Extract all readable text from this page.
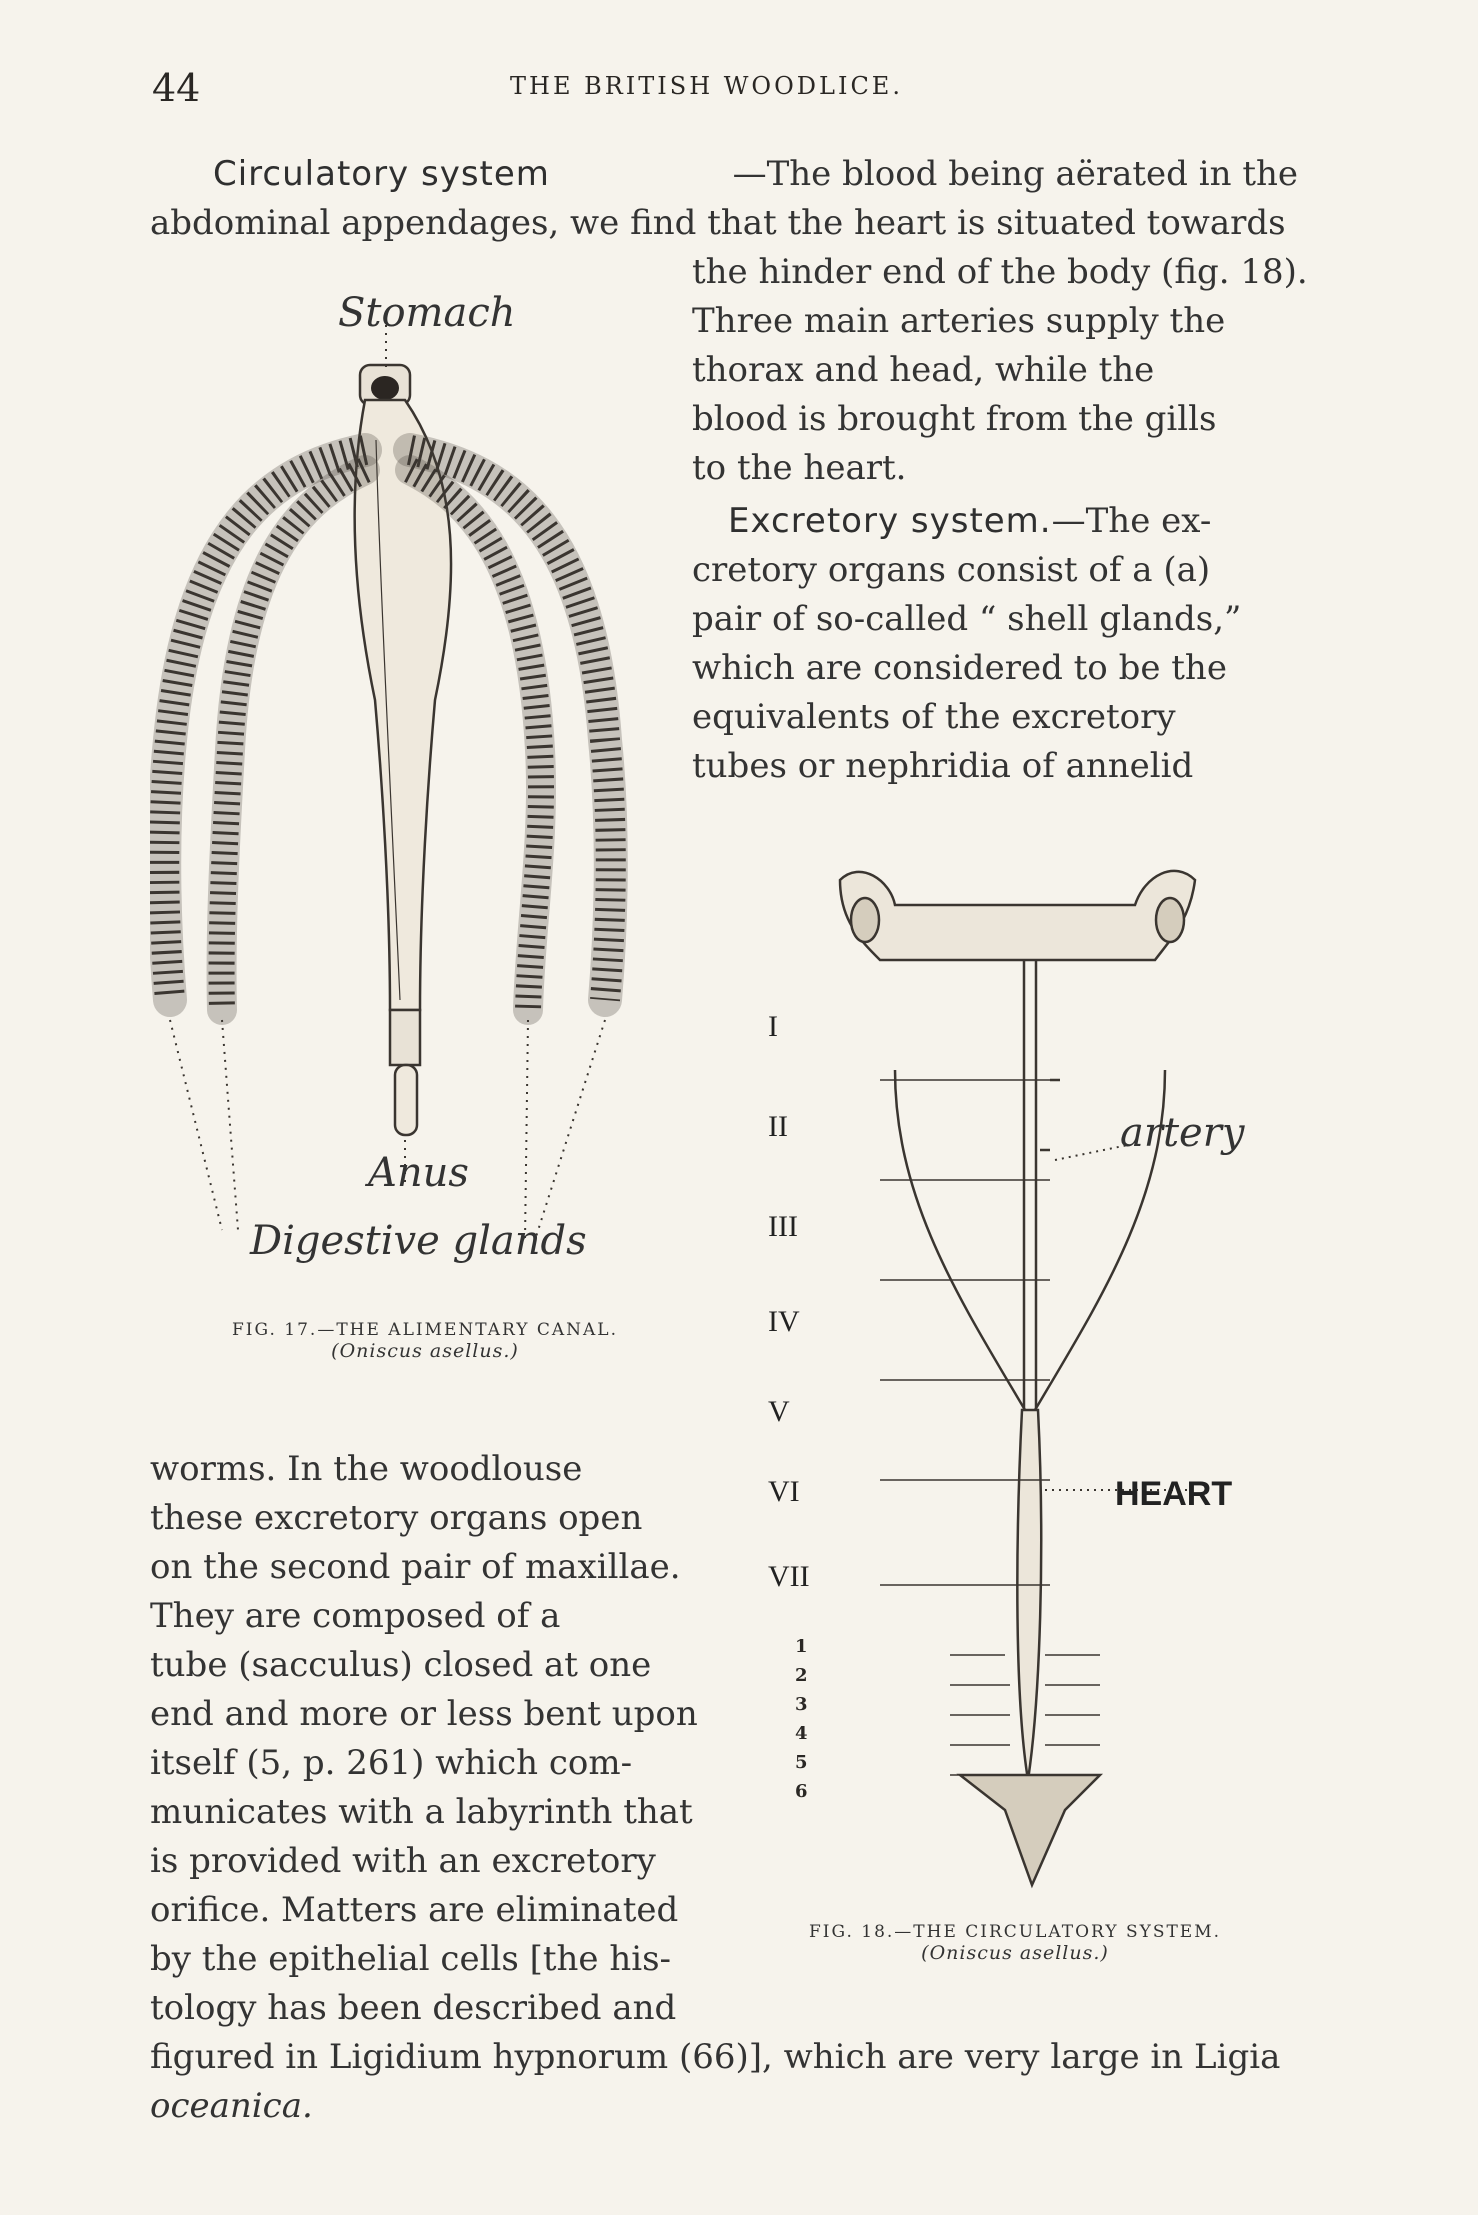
44	THE BRITISH WOODLICE.
Circulatory system	—The blood being aërated in the
abdominal appendages, we find that the heart is situated towards
the hinder end of the body (fig. 18).
Three main arteries supply the
thorax and head, while the
blood is brought from the gills
to the heart.
Excretory system.—The ex-
cretory organs consist of a (a)
pair of so-called “ shell glands,”
which are considered to be the
equivalents of the excretory
tubes or nephridia of annelid
Stomach
Anus
Digestive glands
FIG. 17.—THE ALIMENTARY CANAL.
(Oniscus asellus.)
I
II
III
IV
V
VI
VII
1
2
3
4
5
6
artery
HEART
FIG. 18.—THE CIRCULATORY SYSTEM.
(Oniscus asellus.)
worms. In the woodlouse
these excretory organs open
on the second pair of maxillae.
They are composed of a
tube (sacculus) closed at one
end and more or less bent upon
itself (5, p. 261) which com-
municates with a labyrinth that
is provided with an excretory
orifice. Matters are eliminated
by the epithelial cells [the his-
tology has been described and
figured in Ligidium hypnorum (66)], which are very large in Ligia
oceanica.
